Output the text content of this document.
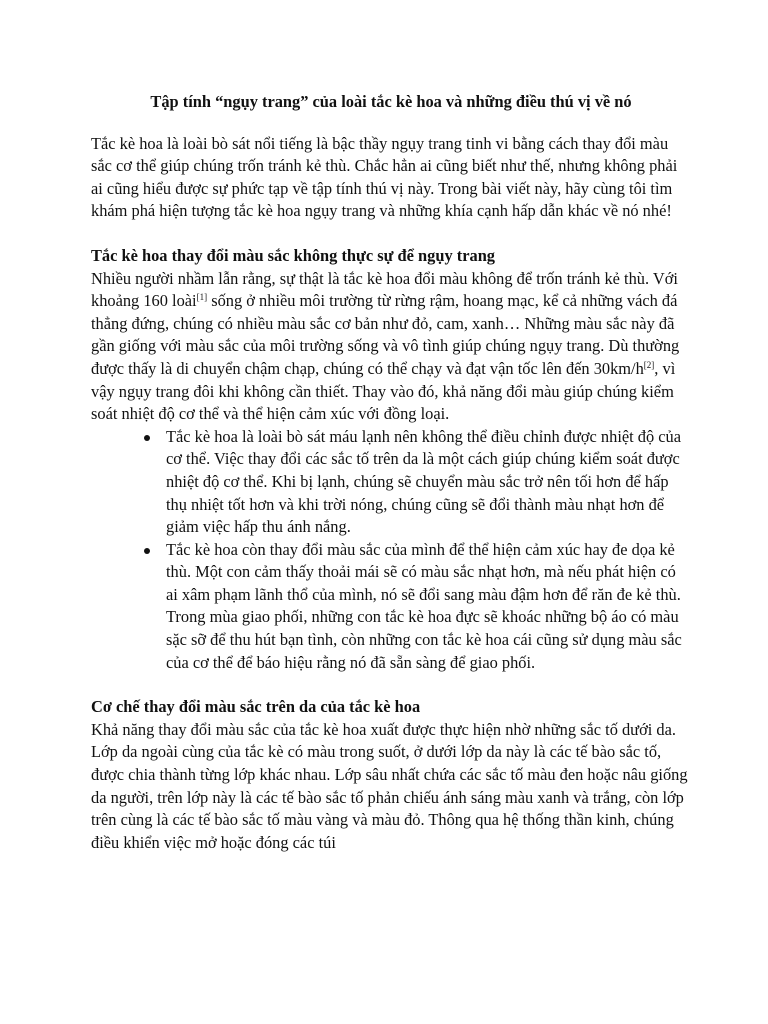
Tập tính “ngụy trang” của loài tắc kè hoa và những điều thú vị về nó

Tắc kè hoa là loài bò sát nổi tiếng là bậc thầy ngụy trang tinh vi bằng cách thay đổi màu sắc cơ thể giúp chúng trốn tránh kẻ thù. Chắc hẳn ai cũng biết như thế, nhưng không phải ai cũng hiểu được sự phức tạp về tập tính thú vị này. Trong bài viết này, hãy cùng tôi tìm khám phá hiện tượng tắc kè hoa ngụy trang và những khía cạnh hấp dẫn khác về nó nhé!

Tắc kè hoa thay đổi màu sắc không thực sự để ngụy trang

Nhiều người nhầm lẫn rằng, sự thật là tắc kè hoa đổi màu không để trốn tránh kẻ thù. Với khoảng 160 loài[1] sống ở nhiều môi trường từ rừng rậm, hoang mạc, kể cả những vách đá thẳng đứng, chúng có nhiều màu sắc cơ bản như đỏ, cam, xanh… Những màu sắc này đã gần giống với màu sắc của môi trường sống và vô tình giúp chúng ngụy trang. Dù thường được thấy là di chuyển chậm chạp, chúng có thể chạy và đạt vận tốc lên đến 30km/h[2], vì vậy ngụy trang đôi khi không cần thiết. Thay vào đó, khả năng đổi màu giúp chúng kiểm soát nhiệt độ cơ thể và thể hiện cảm xúc với đồng loại.

Tắc kè hoa là loài bò sát máu lạnh nên không thể điều chỉnh được nhiệt độ của cơ thể. Việc thay đổi các sắc tố trên da là một cách giúp chúng kiểm soát được nhiệt độ cơ thể. Khi bị lạnh, chúng sẽ chuyển màu sắc trở nên tối hơn để hấp thụ nhiệt tốt hơn và khi trời nóng, chúng cũng sẽ đổi thành màu nhạt hơn để giảm việc hấp thu ánh nắng.
Tắc kè hoa còn thay đổi màu sắc của mình để thể hiện cảm xúc hay đe dọa kẻ thù. Một con cảm thấy thoải mái sẽ có màu sắc nhạt hơn, mà nếu phát hiện có ai xâm phạm lãnh thổ của mình, nó sẽ đổi sang màu đậm hơn để răn đe kẻ thù. Trong mùa giao phối, những con tắc kè hoa đực sẽ khoác những bộ áo có màu sặc sỡ để thu hút bạn tình, còn những con tắc kè hoa cái cũng sử dụng màu sắc của cơ thể để báo hiệu rằng nó đã sẵn sàng để giao phối.

Cơ chế thay đổi màu sắc trên da của tắc kè hoa

Khả năng thay đổi màu sắc của tắc kè hoa xuất được thực hiện nhờ những sắc tố dưới da. Lớp da ngoài cùng của tắc kè có màu trong suốt, ở dưới lớp da này là các tế bào sắc tố, được chia thành từng lớp khác nhau. Lớp sâu nhất chứa các sắc tố màu đen hoặc nâu giống da người, trên lớp này là các tế bào sắc tố phản chiếu ánh sáng màu xanh và trắng, còn lớp trên cùng là các tế bào sắc tố màu vàng và màu đỏ. Thông qua hệ thống thần kinh, chúng điều khiển việc mở hoặc đóng các túi
